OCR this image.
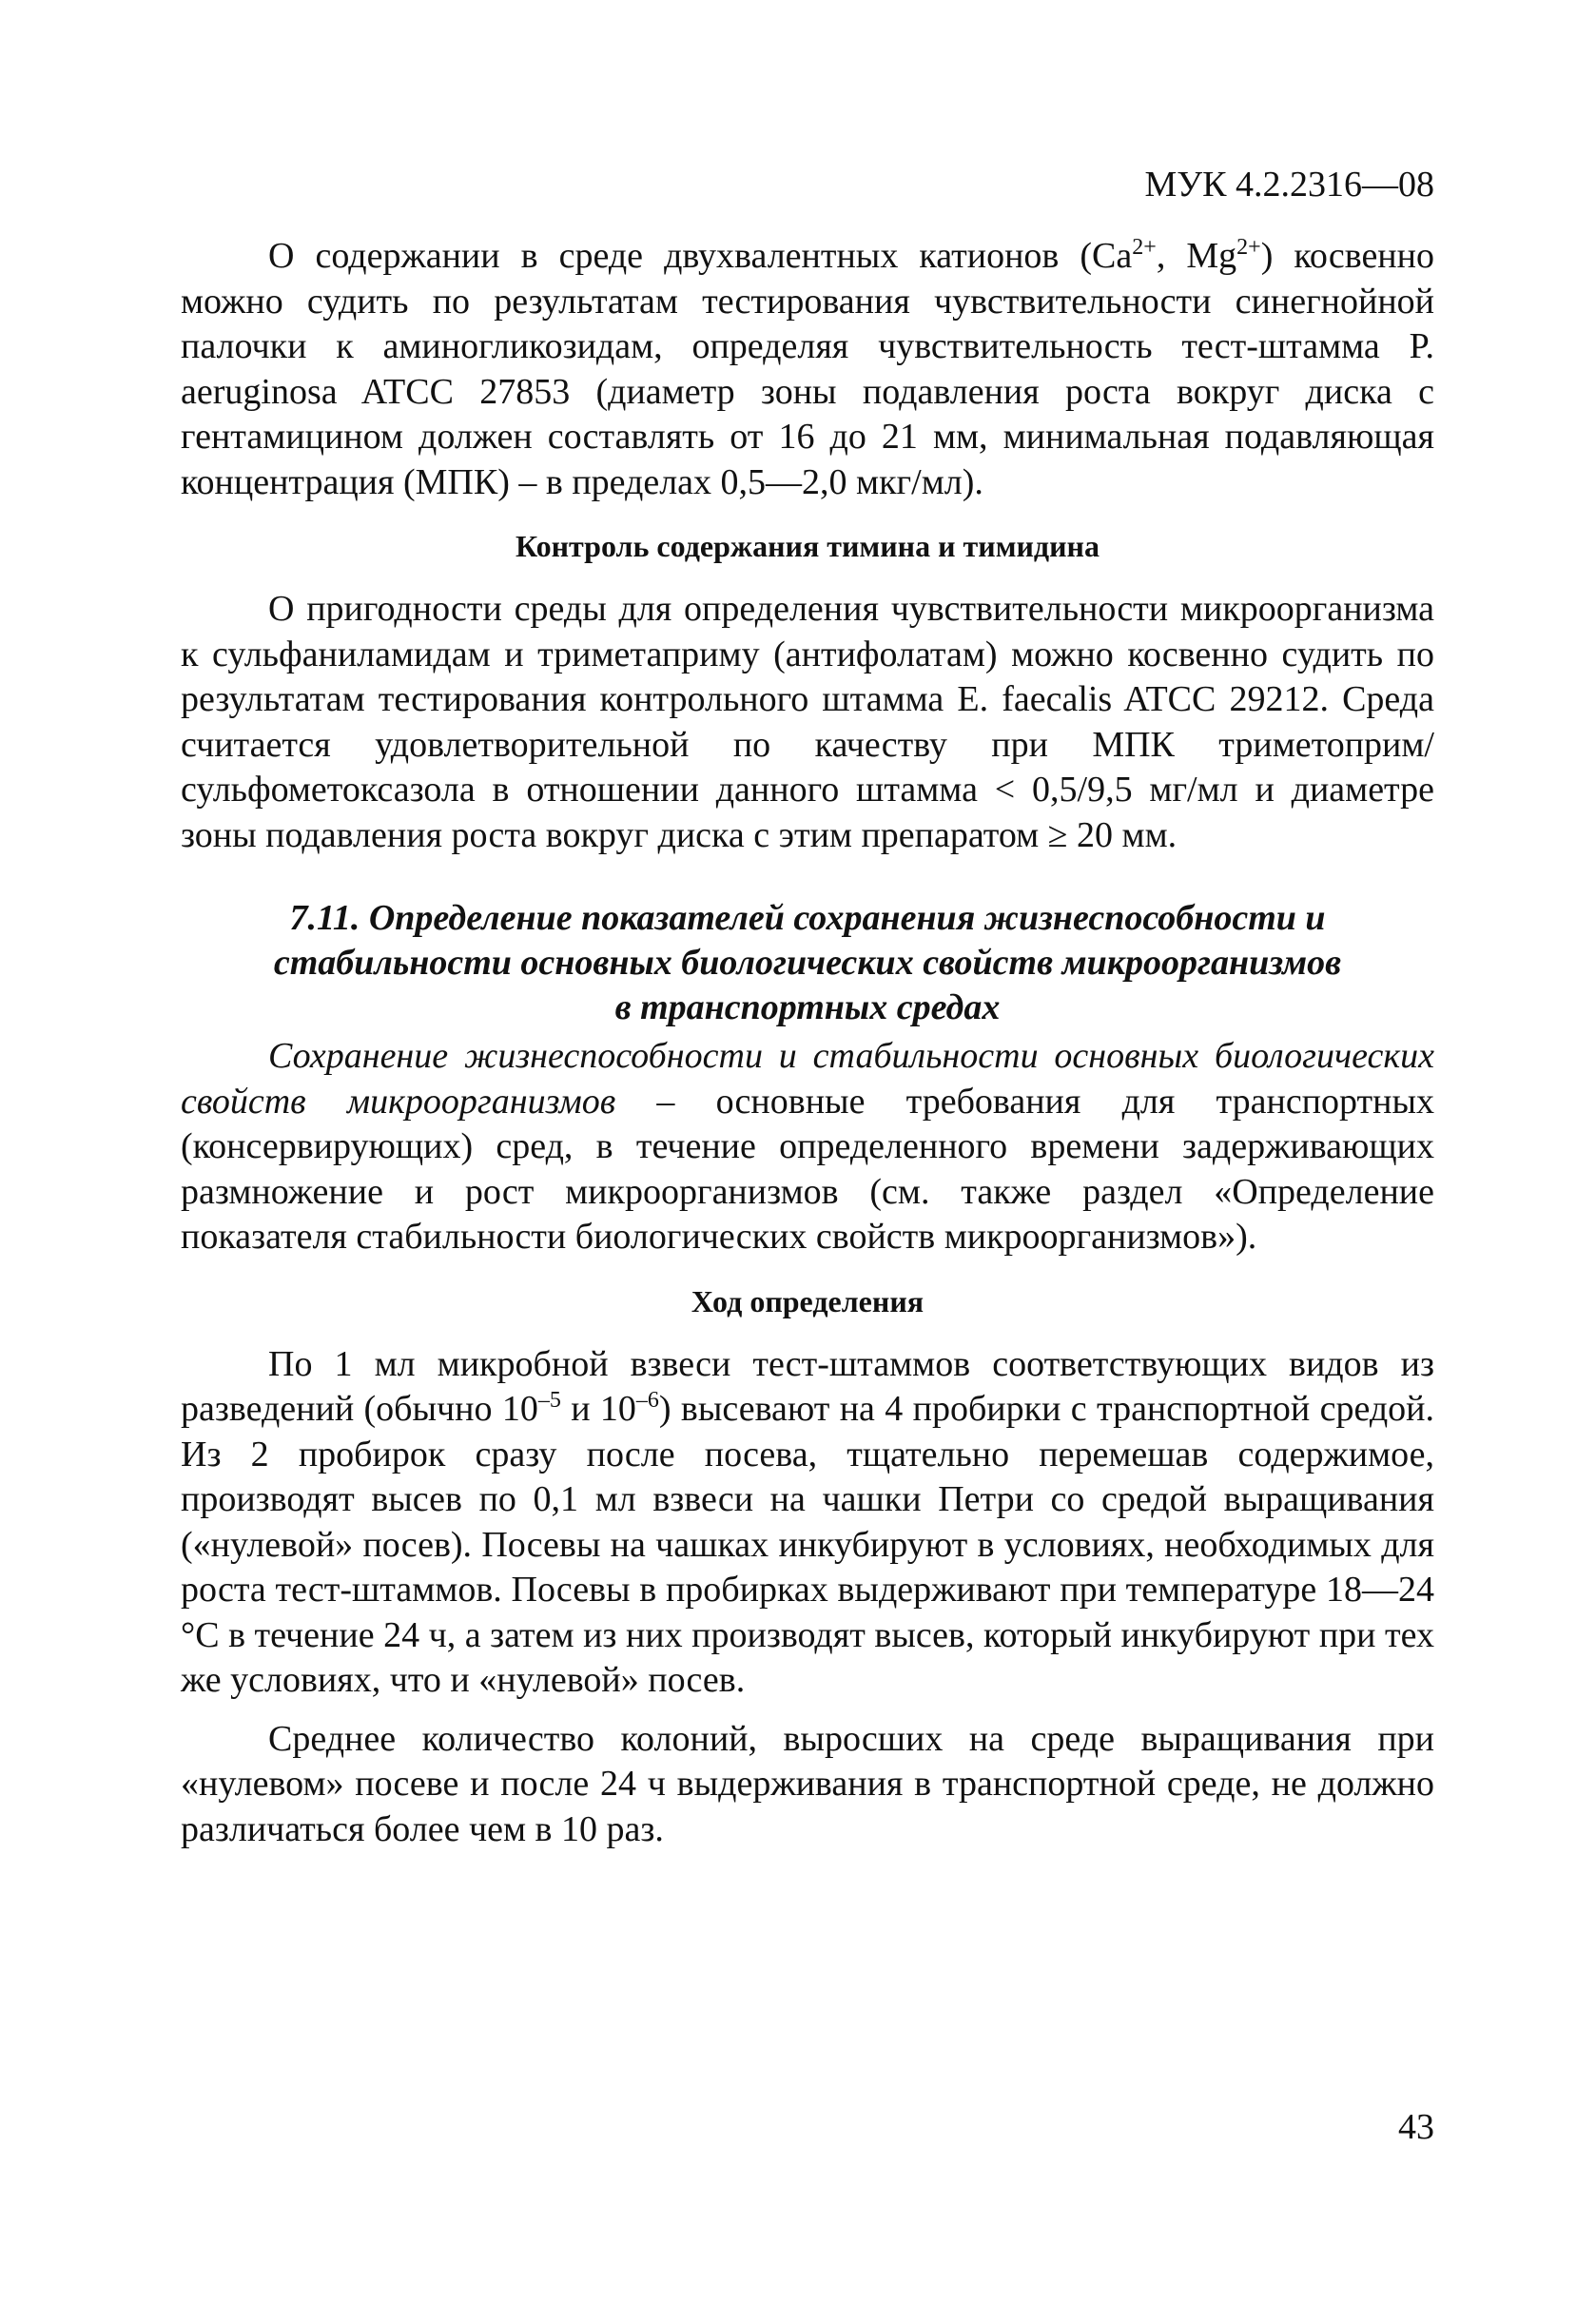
МУК 4.2.2316—08

О содержании в среде двухвалентных катионов ($Ca^{2+}$, $Mg^{2+}$) косвенно можно судить по результатам тестирования чувствительности синегнойной палочки к аминогликозидам, определяя чувствительность тест-штамма P. aeruginosa ATCC 27853 (диаметр зоны подавления роста вокруг диска с гентамицином должен составлять от 16 до 21 мм, минимальная подавляющая концентрация (МПК) – в пределах 0,5—2,0 мкг/мл).

Контроль содержания тимина и тимидина

О пригодности среды для определения чувствительности микроорганизма к сульфаниламидам и триметаприму (антифолатам) можно косвенно судить по результатам тестирования контрольного штамма E. faecalis ATCC 29212. Среда считается удовлетворительной по качеству при МПК триметоприм/сульфометоксазола в отношении данного штамма < 0,5/9,5 мг/мл и диаметре зоны подавления роста вокруг диска с этим препаратом ≥ 20 мм.

7.11. Определение показателей сохранения жизнеспособности и
стабильности основных биологических свойств микроорганизмов
в транспортных средах

Сохранение жизнеспособности и стабильности основных биологических свойств микроорганизмов – основные требования для транспортных (консервирующих) сред, в течение определенного времени задерживающих размножение и рост микроорганизмов (см. также раздел «Определение показателя стабильности биологических свойств микроорганизмов»).

Ход определения

По 1 мл микробной взвеси тест-штаммов соответствующих видов из разведений (обычно $10^{-5}$ и $10^{-6}$) высевают на 4 пробирки с транспортной средой. Из 2 пробирок сразу после посева, тщательно перемешав содержимое, производят высев по 0,1 мл взвеси на чашки Петри со средой выращивания («нулевой» посев). Посевы на чашках инкубируют в условиях, необходимых для роста тест-штаммов. Посевы в пробирках выдерживают при температуре 18—24 °С в течение 24 ч, а затем из них производят высев, который инкубируют при тех же условиях, что и «нулевой» посев.

Среднее количество колоний, выросших на среде выращивания при «нулевом» посеве и после 24 ч выдерживания в транспортной среде, не должно различаться более чем в 10 раз.

43
